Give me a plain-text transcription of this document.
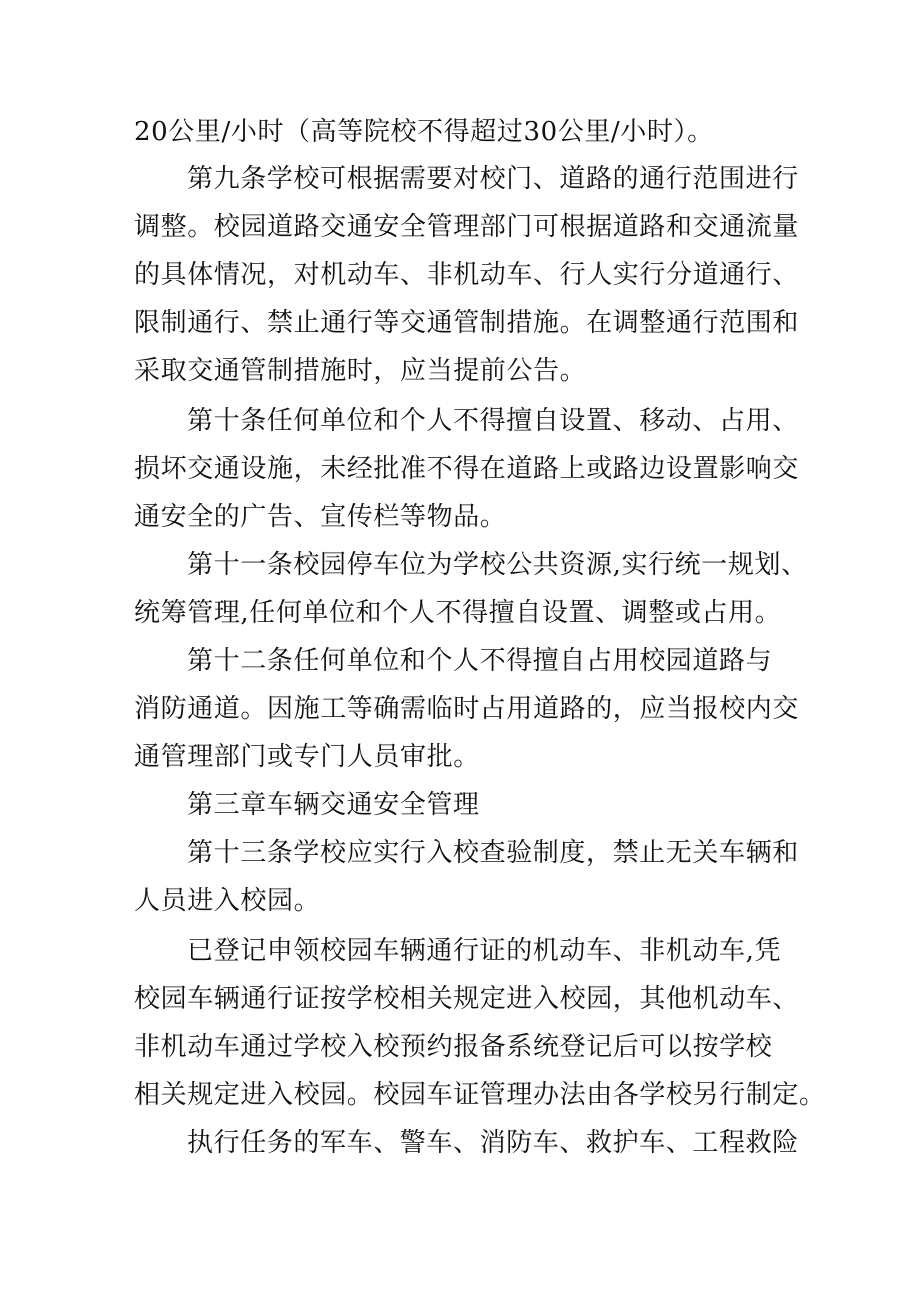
20公里/小时（高等院校不得超过30公里/小时）。

第九条学校可根据需要对校门、道路的通行范围进行

调整。校园道路交通安全管理部门可根据道路和交通流量

的具体情况，对机动车、非机动车、行人实行分道通行、

限制通行、禁止通行等交通管制措施。在调整通行范围和

采取交通管制措施时，应当提前公告。

第十条任何单位和个人不得擅自设置、移动、占用、

损坏交通设施，未经批准不得在道路上或路边设置影响交

通安全的广告、宣传栏等物品。

第十一条校园停车位为学校公共资源,实行统一规划、

统筹管理,任何单位和个人不得擅自设置、调整或占用。

第十二条任何单位和个人不得擅自占用校园道路与

消防通道。因施工等确需临时占用道路的，应当报校内交

通管理部门或专门人员审批。

第三章车辆交通安全管理

第十三条学校应实行入校查验制度，禁止无关车辆和

人员进入校园。

已登记申领校园车辆通行证的机动车、非机动车,凭

校园车辆通行证按学校相关规定进入校园，其他机动车、

非机动车通过学校入校预约报备系统登记后可以按学校

相关规定进入校园。校园车证管理办法由各学校另行制定。

执行任务的军车、警车、消防车、救护车、工程救险
